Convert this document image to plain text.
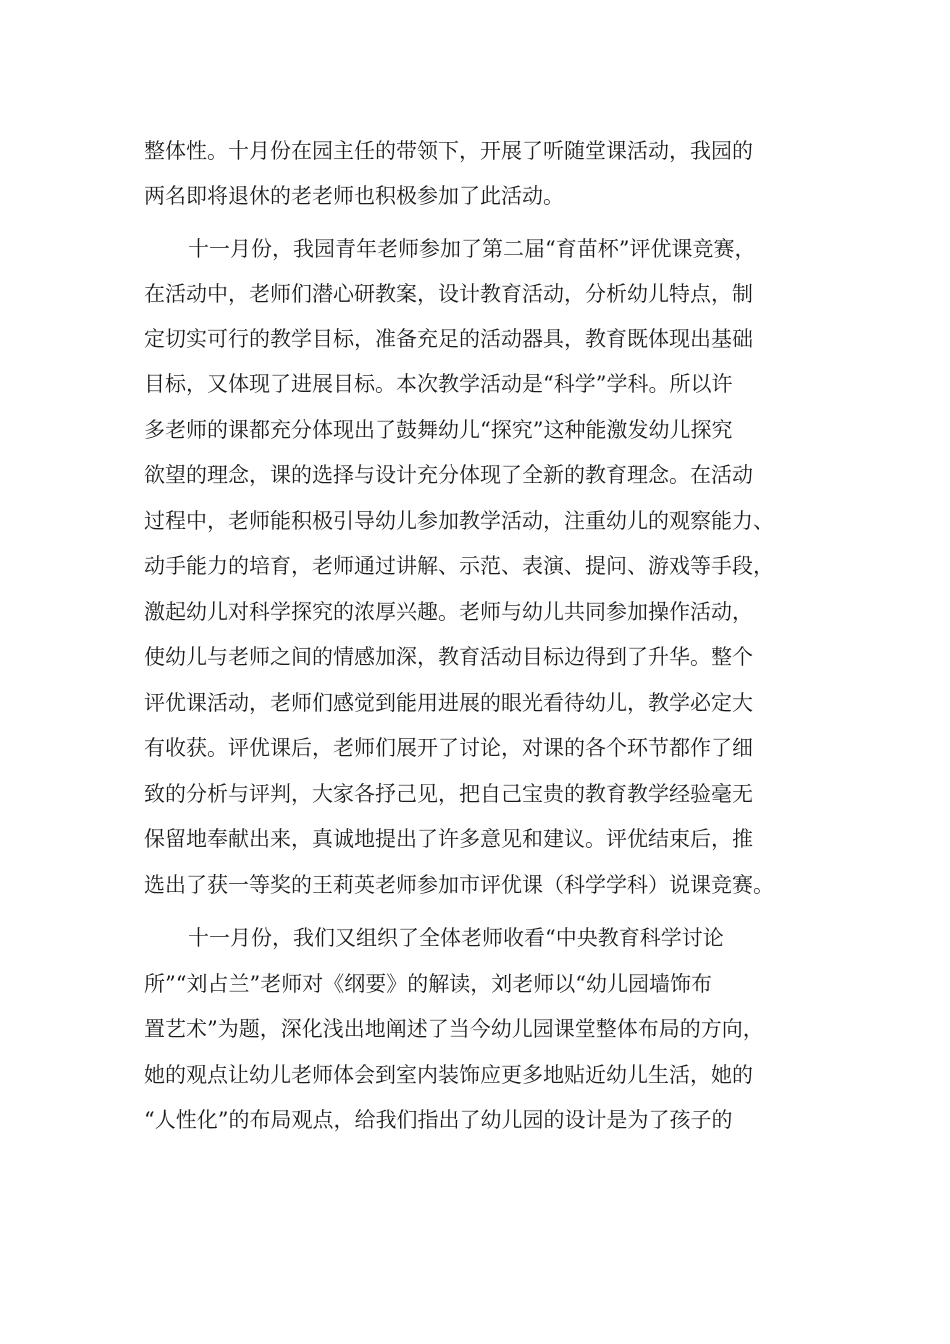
整体性。十月份在园主任的带领下，开展了听随堂课活动，我园的
两名即将退休的老老师也积极参加了此活动。
十一月份，我园青年老师参加了第二届“育苗杯”评优课竞赛，
在活动中，老师们潜心研教案，设计教育活动，分析幼儿特点，制
定切实可行的教学目标，准备充足的活动器具，教育既体现出基础
目标，又体现了进展目标。本次教学活动是“科学”学科。所以许
多老师的课都充分体现出了鼓舞幼儿“探究”这种能激发幼儿探究
欲望的理念，课的选择与设计充分体现了全新的教育理念。在活动
过程中，老师能积极引导幼儿参加教学活动，注重幼儿的观察能力、
动手能力的培育，老师通过讲解、示范、表演、提问、游戏等手段，
激起幼儿对科学探究的浓厚兴趣。老师与幼儿共同参加操作活动，
使幼儿与老师之间的情感加深，教育活动目标边得到了升华。整个
评优课活动，老师们感觉到能用进展的眼光看待幼儿，教学必定大
有收获。评优课后，老师们展开了讨论，对课的各个环节都作了细
致的分析与评判，大家各抒己见，把自己宝贵的教育教学经验毫无
保留地奉献出来，真诚地提出了许多意见和建议。评优结束后，推
选出了获一等奖的王莉英老师参加市评优课（科学学科）说课竞赛。
十一月份，我们又组织了全体老师收看“中央教育科学讨论
所”“刘占兰”老师对《纲要》的解读，刘老师以“幼儿园墙饰布
置艺术”为题，深化浅出地阐述了当今幼儿园课堂整体布局的方向，
她的观点让幼儿老师体会到室内装饰应更多地贴近幼儿生活，她的
“人性化”的布局观点，给我们指出了幼儿园的设计是为了孩子的
